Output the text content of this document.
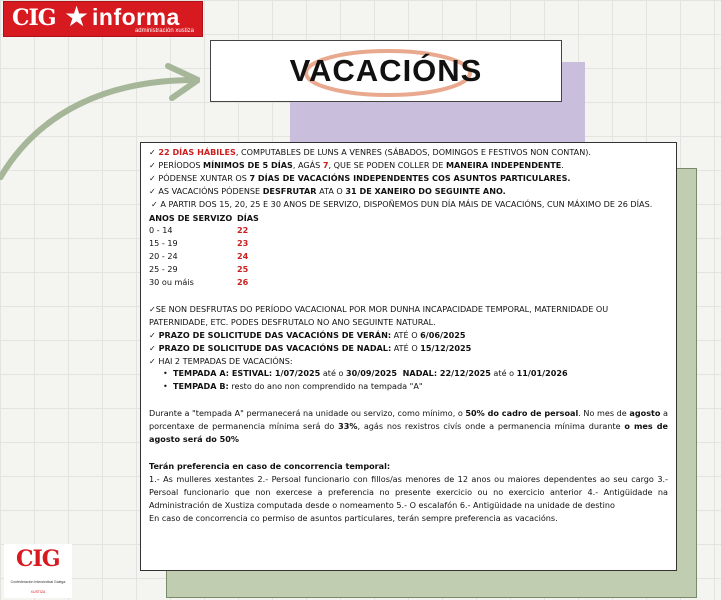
CIG ★ informa
administración xustiza
VACACIÓNS
✓ 22 DÍAS HÁBILES, COMPUTABLES DE LUNS A VENRES (SÁBADOS, DOMINGOS E FESTIVOS NON CONTAN).
✓ PERÍODOS MÍNIMOS DE 5 DÍAS, AGÁS 7, QUE SE PODEN COLLER DE MANEIRA INDEPENDENTE.
✓ PÓDENSE XUNTAR OS 7 DÍAS DE VACACIÓNS INDEPENDENTES COS ASUNTOS PARTICULARES.
✓ AS VACACIÓNS PÓDENSE DESFRUTAR ATA O 31 DE XANEIRO DO SEGUINTE ANO.
✓ A PARTIR DOS 15, 20, 25 E 30 ANOS DE SERVIZO, DISPOÑEMOS DUN DÍA MÁIS DE VACACIÓNS, CUN MÁXIMO DE 26 DÍAS.
ANOS DE SERVIZO DÍAS
0 - 14	22
15 - 19	23
20 - 24	24
25 - 29	25
30 ou máis	26
✓SE NON DESFRUTAS DO PERÍODO VACACIONAL POR MOR DUNHA INCAPACIDADE TEMPORAL, MATERNIDADE OU PATERNIDADE, ETC. PODES DESFRUTALO NO ANO SEGUINTE NATURAL.
✓ PRAZO DE SOLICITUDE DAS VACACIÓNS DE VERÁN: ATÉ O 6/06/2025
✓ PRAZO DE SOLICITUDE DAS VACACIÓNS DE NADAL: ATÉ O 15/12/2025
✓ HAI 2 TEMPADAS DE VACACIÓNS:
• TEMPADA A: ESTIVAL: 1/07/2025 até o 30/09/2025  NADAL: 22/12/2025 até o 11/01/2026
• TEMPADA B: resto do ano non comprendido na tempada "A"
Durante a "tempada A" permanecerá na unidade ou servizo, como mínimo, o 50% do cadro de persoal. No mes de agosto a porcentaxe de permanencia mínima será do 33%, agás nos rexistros civís onde a permanencia mínima durante o mes de agosto será do 50%
Terán preferencia en caso de concorrencia temporal:
1.- As mulleres xestantes 2.- Persoal funcionario con fillos/as menores de 12 anos ou maiores dependentes ao seu cargo 3.- Persoal funcionario que non exercese a preferencia no presente exercicio ou no exercicio anterior 4.- Antigüidade na Administración de Xustiza computada desde o nomeamento 5.- O escalafón 6.- Antigüidade na unidade de destino
En caso de concorrencia co permiso de asuntos particulares, terán sempre preferencia as vacacións.
CIG
Confederación Intersindical Galega
XUSTIZA
